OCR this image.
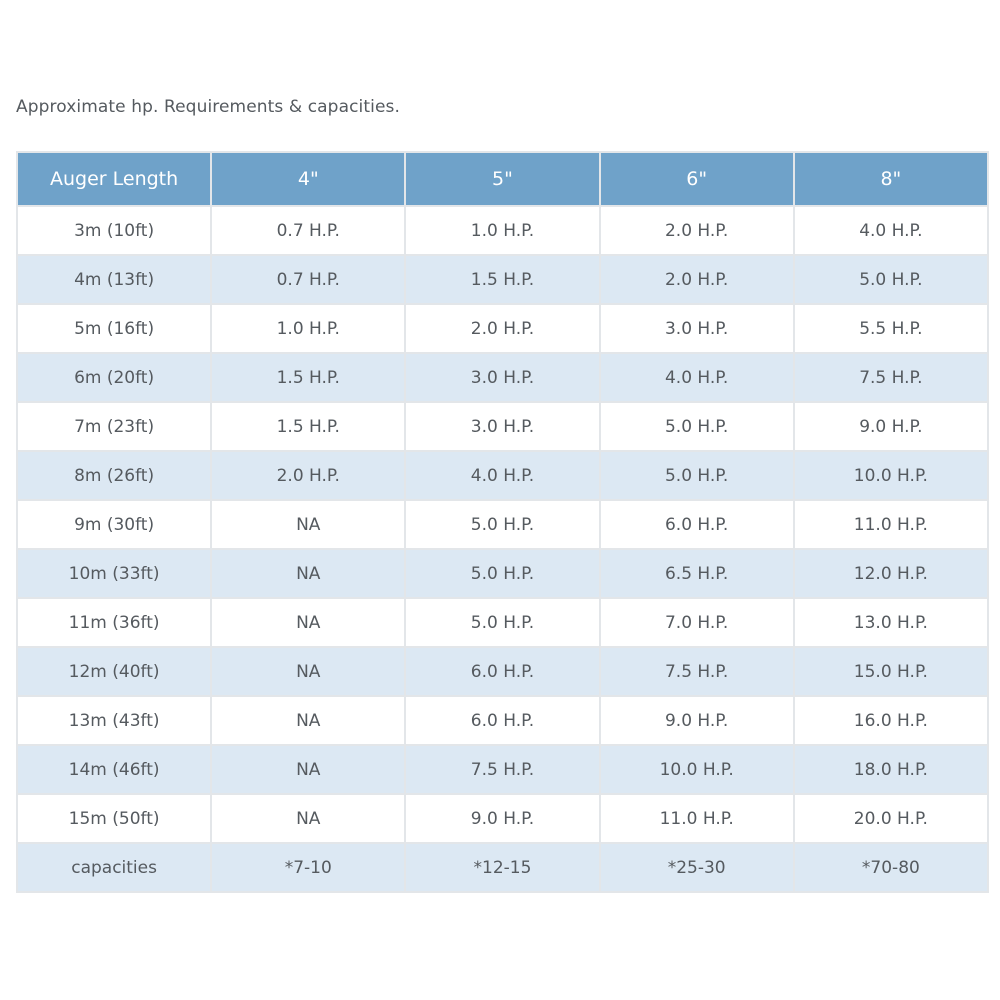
Approximate hp. Requirements & capacities.
Auger Length	4"	5"	6"	8"
3m (10ft)	0.7 H.P.	1.0 H.P.	2.0 H.P.	4.0 H.P.
4m (13ft)	0.7 H.P.	1.5 H.P.	2.0 H.P.	5.0 H.P.
5m (16ft)	1.0 H.P.	2.0 H.P.	3.0 H.P.	5.5 H.P.
6m (20ft)	1.5 H.P.	3.0 H.P.	4.0 H.P.	7.5 H.P.
7m (23ft)	1.5 H.P.	3.0 H.P.	5.0 H.P.	9.0 H.P.
8m (26ft)	2.0 H.P.	4.0 H.P.	5.0 H.P.	10.0 H.P.
9m (30ft)	NA	5.0 H.P.	6.0 H.P.	11.0 H.P.
10m (33ft)	NA	5.0 H.P.	6.5 H.P.	12.0 H.P.
11m (36ft)	NA	5.0 H.P.	7.0 H.P.	13.0 H.P.
12m (40ft)	NA	6.0 H.P.	7.5 H.P.	15.0 H.P.
13m (43ft)	NA	6.0 H.P.	9.0 H.P.	16.0 H.P.
14m (46ft)	NA	7.5 H.P.	10.0 H.P.	18.0 H.P.
15m (50ft)	NA	9.0 H.P.	11.0 H.P.	20.0 H.P.
capacities	*7-10	*12-15	*25-30	*70-80
